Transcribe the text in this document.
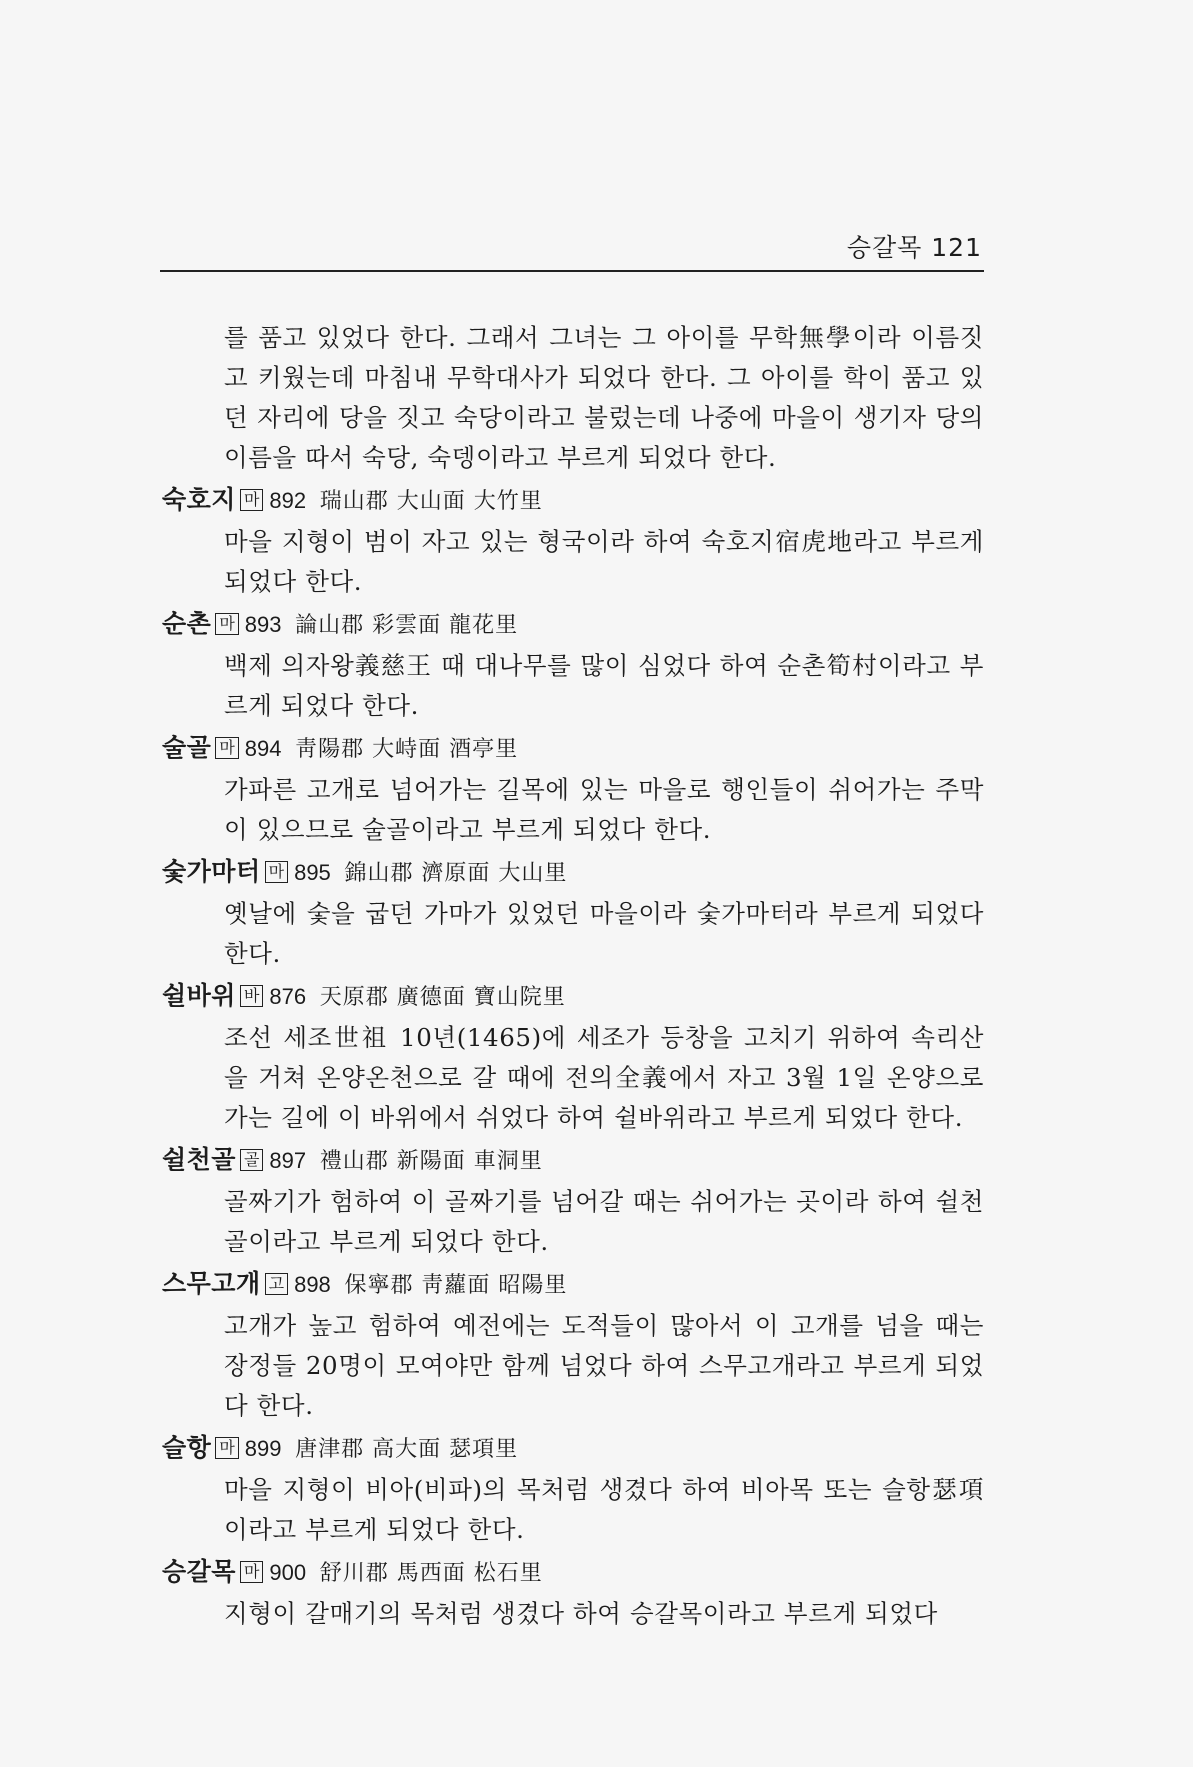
승갈목 121
를 품고 있었다 한다. 그래서 그녀는 그 아이를 무학無學이라 이름짓고 키웠는데 마침내 무학대사가 되었다 한다. 그 아이를 학이 품고 있던 자리에 당을 짓고 숙당이라고 불렀는데 나중에 마을이 생기자 당의 이름을 따서 숙당, 숙뎅이라고 부르게 되었다 한다.
숙호지 마 892 瑞山郡 大山面 大竹里
마을 지형이 범이 자고 있는 형국이라 하여 숙호지宿虎地라고 부르게 되었다 한다.
순촌 마 893 論山郡 彩雲面 龍花里
백제 의자왕義慈王 때 대나무를 많이 심었다 하여 순촌筍村이라고 부르게 되었다 한다.
술골 마 894 靑陽郡 大峙面 酒亭里
가파른 고개로 넘어가는 길목에 있는 마을로 행인들이 쉬어가는 주막이 있으므로 술골이라고 부르게 되었다 한다.
숯가마터 마 895 錦山郡 濟原面 大山里
옛날에 숯을 굽던 가마가 있었던 마을이라 숯가마터라 부르게 되었다 한다.
쉴바위 바 876 天原郡 廣德面 寶山院里
조선 세조世祖 10년(1465)에 세조가 등창을 고치기 위하여 속리산을 거쳐 온양온천으로 갈 때에 전의全義에서 자고 3월 1일 온양으로 가는 길에 이 바위에서 쉬었다 하여 쉴바위라고 부르게 되었다 한다.
쉴천골 골 897 禮山郡 新陽面 車洞里
골짜기가 험하여 이 골짜기를 넘어갈 때는 쉬어가는 곳이라 하여 쉴천골이라고 부르게 되었다 한다.
스무고개 고 898 保寧郡 靑蘿面 昭陽里
고개가 높고 험하여 예전에는 도적들이 많아서 이 고개를 넘을 때는 장정들 20명이 모여야만 함께 넘었다 하여 스무고개라고 부르게 되었다 한다.
슬항 마 899 唐津郡 高大面 瑟項里
마을 지형이 비아(비파)의 목처럼 생겼다 하여 비아목 또는 슬항瑟項이라고 부르게 되었다 한다.
승갈목 마 900 舒川郡 馬西面 松石里
지형이 갈매기의 목처럼 생겼다 하여 승갈목이라고 부르게 되었다
